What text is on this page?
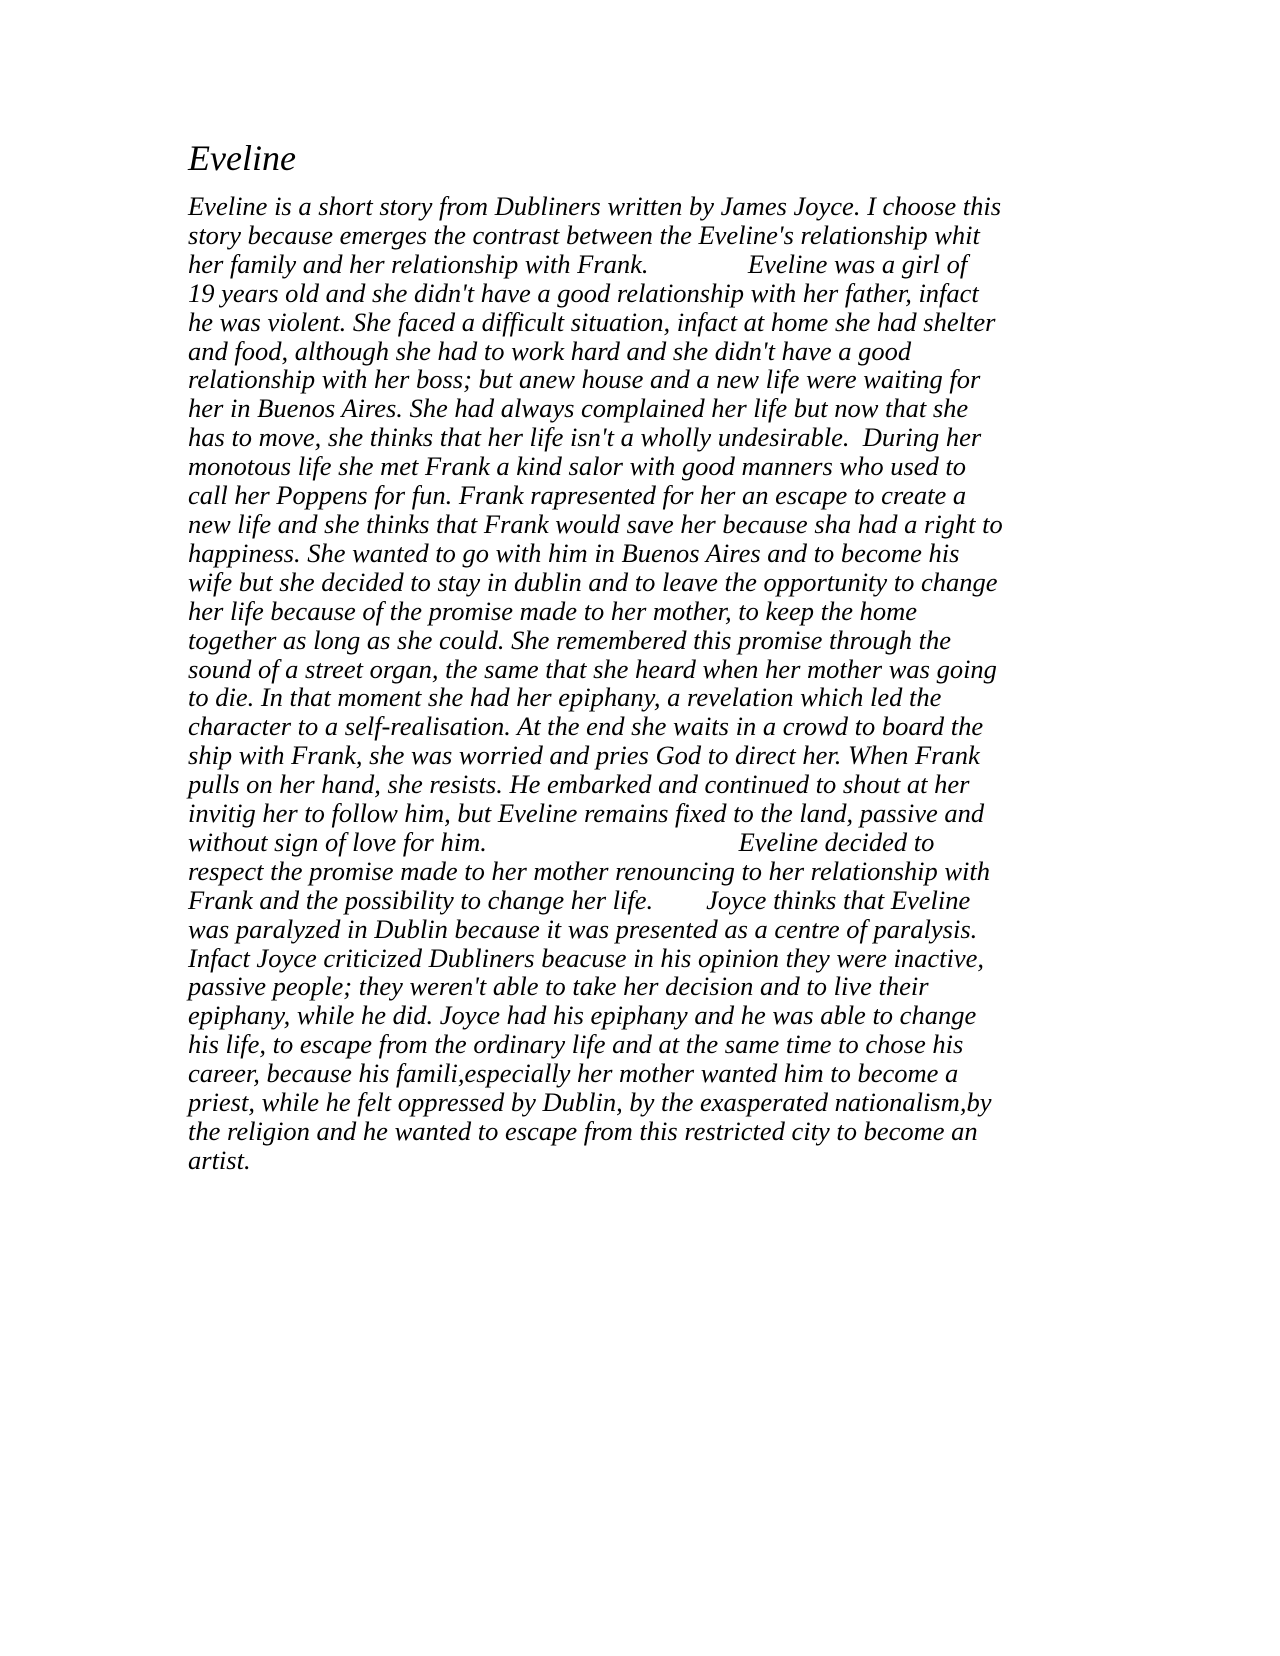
Eveline
Eveline is a short story from Dubliners written by James Joyce. I choose this
story because emerges the contrast between the Eveline's relationship whit
her family and her relationship with Frank.               Eveline was a girl of
19 years old and she didn't have a good relationship with her father, infact
he was violent. She faced a difficult situation, infact at home she had shelter
and food, although she had to work hard and she didn't have a good
relationship with her boss; but anew house and a new life were waiting for
her in Buenos Aires. She had always complained her life but now that she
has to move, she thinks that her life isn't a wholly undesirable.  During her
monotous life she met Frank a kind salor with good manners who used to
call her Poppens for fun. Frank rapresented for her an escape to create a
new life and she thinks that Frank would save her because sha had a right to
happiness. She wanted to go with him in Buenos Aires and to become his
wife but she decided to stay in dublin and to leave the opportunity to change
her life because of the promise made to her mother, to keep the home
together as long as she could. She remembered this promise through the
sound of a street organ, the same that she heard when her mother was going
to die. In that moment she had her epiphany, a revelation which led the
character to a self-realisation. At the end she waits in a crowd to board the
ship with Frank, she was worried and pries God to direct her. When Frank
pulls on her hand, she resists. He embarked and continued to shout at her
invitig her to follow him, but Eveline remains fixed to the land, passive and
without sign of love for him.                                      Eveline decided to
respect the promise made to her mother renouncing to her relationship with
Frank and the possibility to change her life.        Joyce thinks that Eveline
was paralyzed in Dublin because it was presented as a centre of paralysis.
Infact Joyce criticized Dubliners beacuse in his opinion they were inactive,
passive people; they weren't able to take her decision and to live their
epiphany, while he did. Joyce had his epiphany and he was able to change
his life, to escape from the ordinary life and at the same time to chose his
career, because his famili,especially her mother wanted him to become a
priest, while he felt oppressed by Dublin, by the exasperated nationalism,by
the religion and he wanted to escape from this restricted city to become an
artist.
